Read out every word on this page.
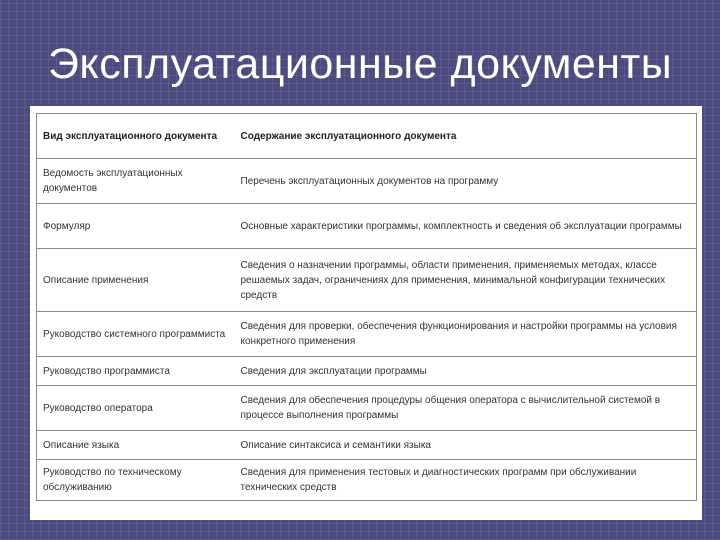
Эксплуатационные документы
Вид эксплуатационного документа	Содержание эксплуатационного документа
Ведомость эксплуатационных документов	Перечень эксплуатационных документов на программу
Формуляр	Основные характеристики программы, комплектность и сведения об эксплуатации программы
Описание применения	Сведения о назначении программы, области применения, применяемых методах, классе решаемых задач, ограничениях для применения, минимальной конфигурации технических средств
Руководство системного программиста	Сведения для проверки, обеспечения функционирования и настройки программы на условия конкретного применения
Руководство программиста	Сведения для эксплуатации программы
Руководство оператора	Сведения для обеспечения процедуры общения оператора с вычислительной системой в процессе выполнения программы
Описание языка	Описание синтаксиса и семантики языка
Руководство по техническому обслуживанию	Сведения для применения тестовых и диагностических программ при обслуживании технических средств
